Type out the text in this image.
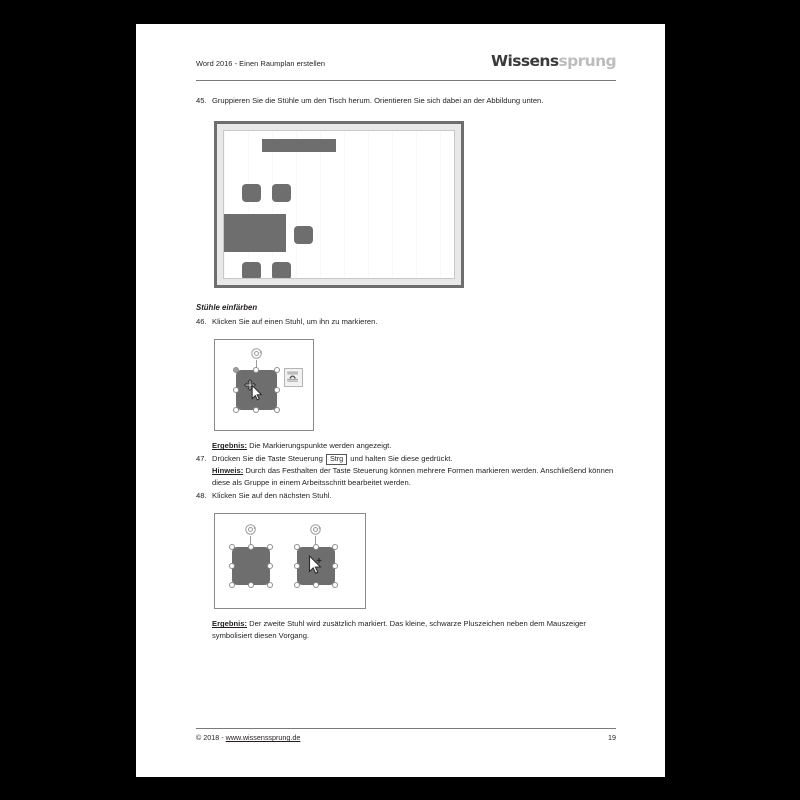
Word 2016 - Einen Raumplan erstellen	Wissenssprung
45. Gruppieren Sie die Stühle um den Tisch herum. Orientieren Sie sich dabei an der Abbildung unten.
Stühle einfärben
46. Klicken Sie auf einen Stuhl, um ihn zu markieren.
Ergebnis: Die Markierungspunkte werden angezeigt.
47. Drücken Sie die Taste Steuerung Strg und halten Sie diese gedrückt.
Hinweis: Durch das Festhalten der Taste Steuerung können mehrere Formen markieren werden. Anschließend können diese als Gruppe in einem Arbeitsschritt bearbeitet werden.
48. Klicken Sie auf den nächsten Stuhl.
Ergebnis: Der zweite Stuhl wird zusätzlich markiert. Das kleine, schwarze Pluszeichen neben dem Mauszeiger symbolisiert diesen Vorgang.
© 2018 - www.wissenssprung.de	19
